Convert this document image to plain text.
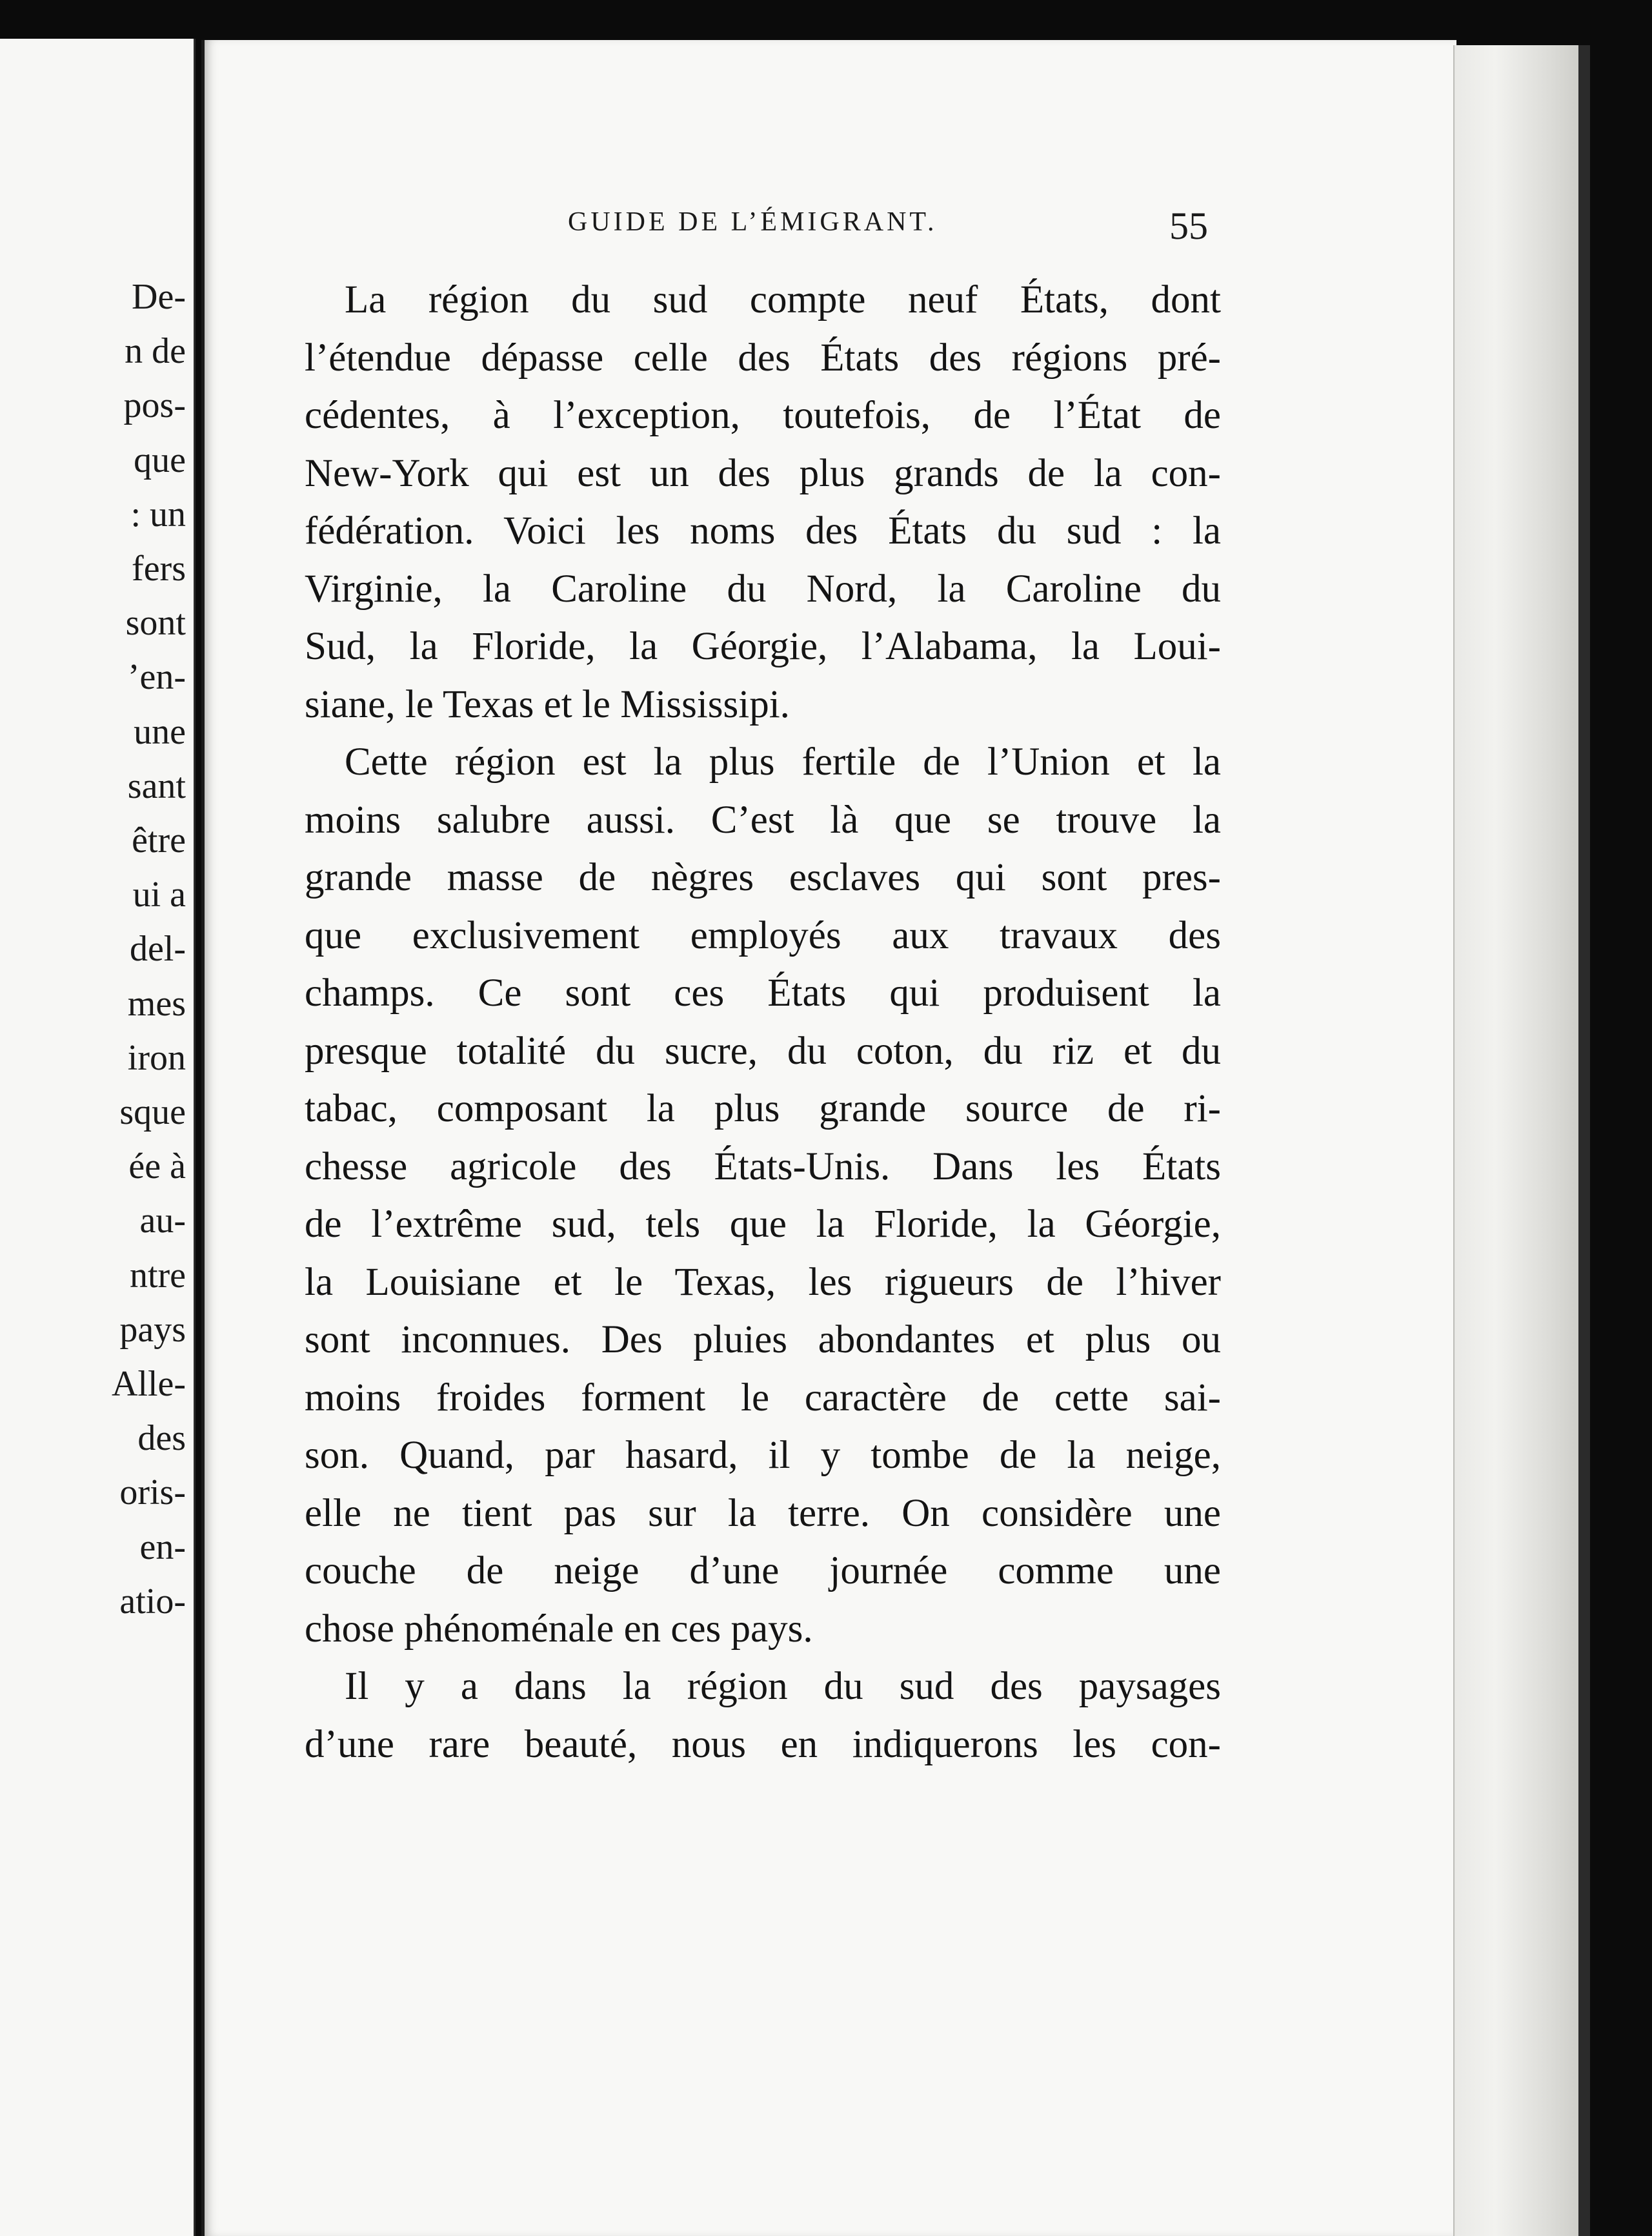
De-
n de
pos-
que
: un
fers
sont
’en-
une
sant
être
ui a
del-
mes
iron
sque
ée à
au-
ntre
pays
Alle-
des
oris-
en-
atio-
GUIDE DE L’ÉMIGRANT.	55
La région du sud compte neuf États, dont
l’étendue dépasse celle des États des régions pré-
cédentes, à l’exception, toutefois, de l’État de
New-York qui est un des plus grands de la con-
fédération. Voici les noms des États du sud : la
Virginie, la Caroline du Nord, la Caroline du
Sud, la Floride, la Géorgie, l’Alabama, la Loui-
siane, le Texas et le Mississipi.
Cette région est la plus fertile de l’Union et la
moins salubre aussi. C’est là que se trouve la
grande masse de nègres esclaves qui sont pres-
que exclusivement employés aux travaux des
champs. Ce sont ces États qui produisent la
presque totalité du sucre, du coton, du riz et du
tabac, composant la plus grande source de ri-
chesse agricole des États-Unis. Dans les États
de l’extrême sud, tels que la Floride, la Géorgie,
la Louisiane et le Texas, les rigueurs de l’hiver
sont inconnues. Des pluies abondantes et plus ou
moins froides forment le caractère de cette sai-
son. Quand, par hasard, il y tombe de la neige,
elle ne tient pas sur la terre. On considère une
couche de neige d’une journée comme une
chose phénoménale en ces pays.
Il y a dans la région du sud des paysages
d’une rare beauté, nous en indiquerons les con-
